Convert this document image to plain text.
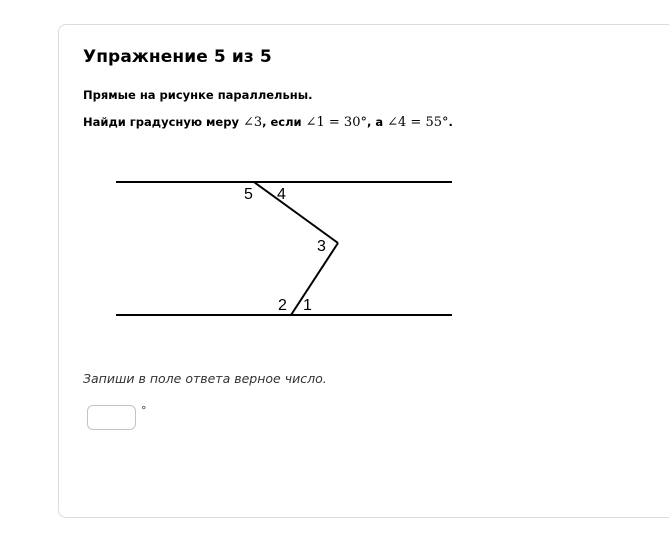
Упражнение 5 из 5
Прямые на рисунке параллельны.
Найди градусную меру ∠3, если ∠1 = 30°, а ∠4 = 55°.
5 4
3
2 1
Запиши в поле ответа верное число.
°
